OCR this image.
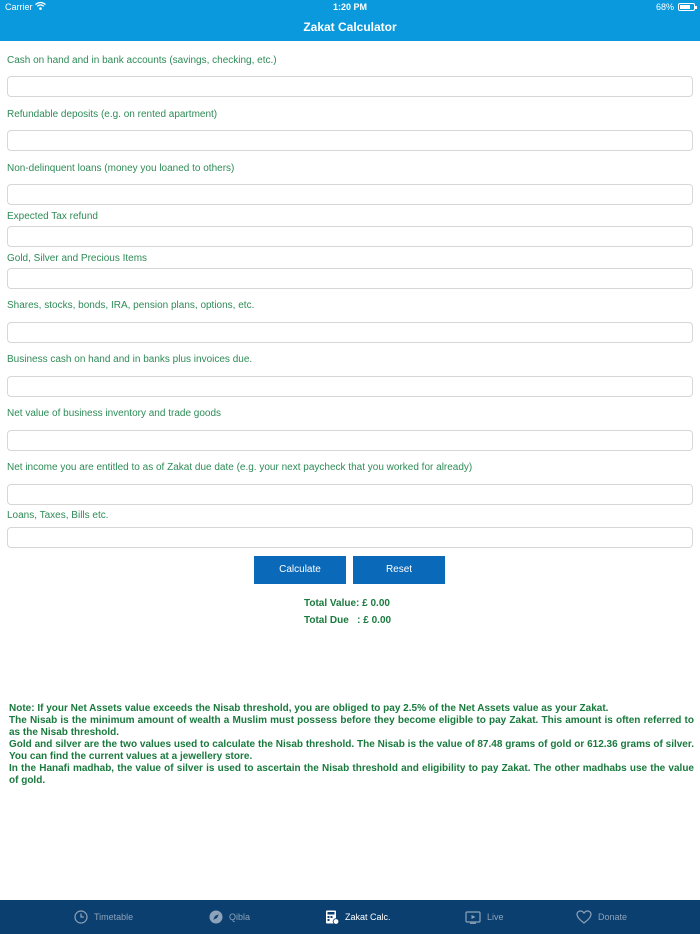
Carrier	1:20 PM	68%
Zakat Calculator
Cash on hand and in bank accounts (savings, checking, etc.)
Refundable deposits (e.g. on rented apartment)
Non-delinquent loans (money you loaned to others)
Expected Tax refund
Gold, Silver and Precious Items
Shares, stocks, bonds, IRA, pension plans, options, etc.
Business cash on hand and in banks plus invoices due.
Net value of business inventory and trade goods
Net income you are entitled to as of Zakat due date (e.g. your next paycheck that you worked for already)
Loans, Taxes, Bills etc.
Calculate	Reset
Total Value: £ 0.00
Total Due   : £ 0.00

Note: If your Net Assets value exceeds the Nisab threshold, you are obliged to pay 2.5% of the Net Assets value as your Zakat.

The Nisab is the minimum amount of wealth a Muslim must possess before they become eligible to pay Zakat. This amount is often referred to as the Nisab threshold.

Gold and silver are the two values used to calculate the Nisab threshold. The Nisab is the value of 87.48 grams of gold or 612.36 grams of silver. You can find the current values at a jewellery store.

In the Hanafi madhab, the value of silver is used to ascertain the Nisab threshold and eligibility to pay Zakat. The other madhabs use the value of gold.

Timetable	Qibla	Zakat Calc.	Live	Donate
